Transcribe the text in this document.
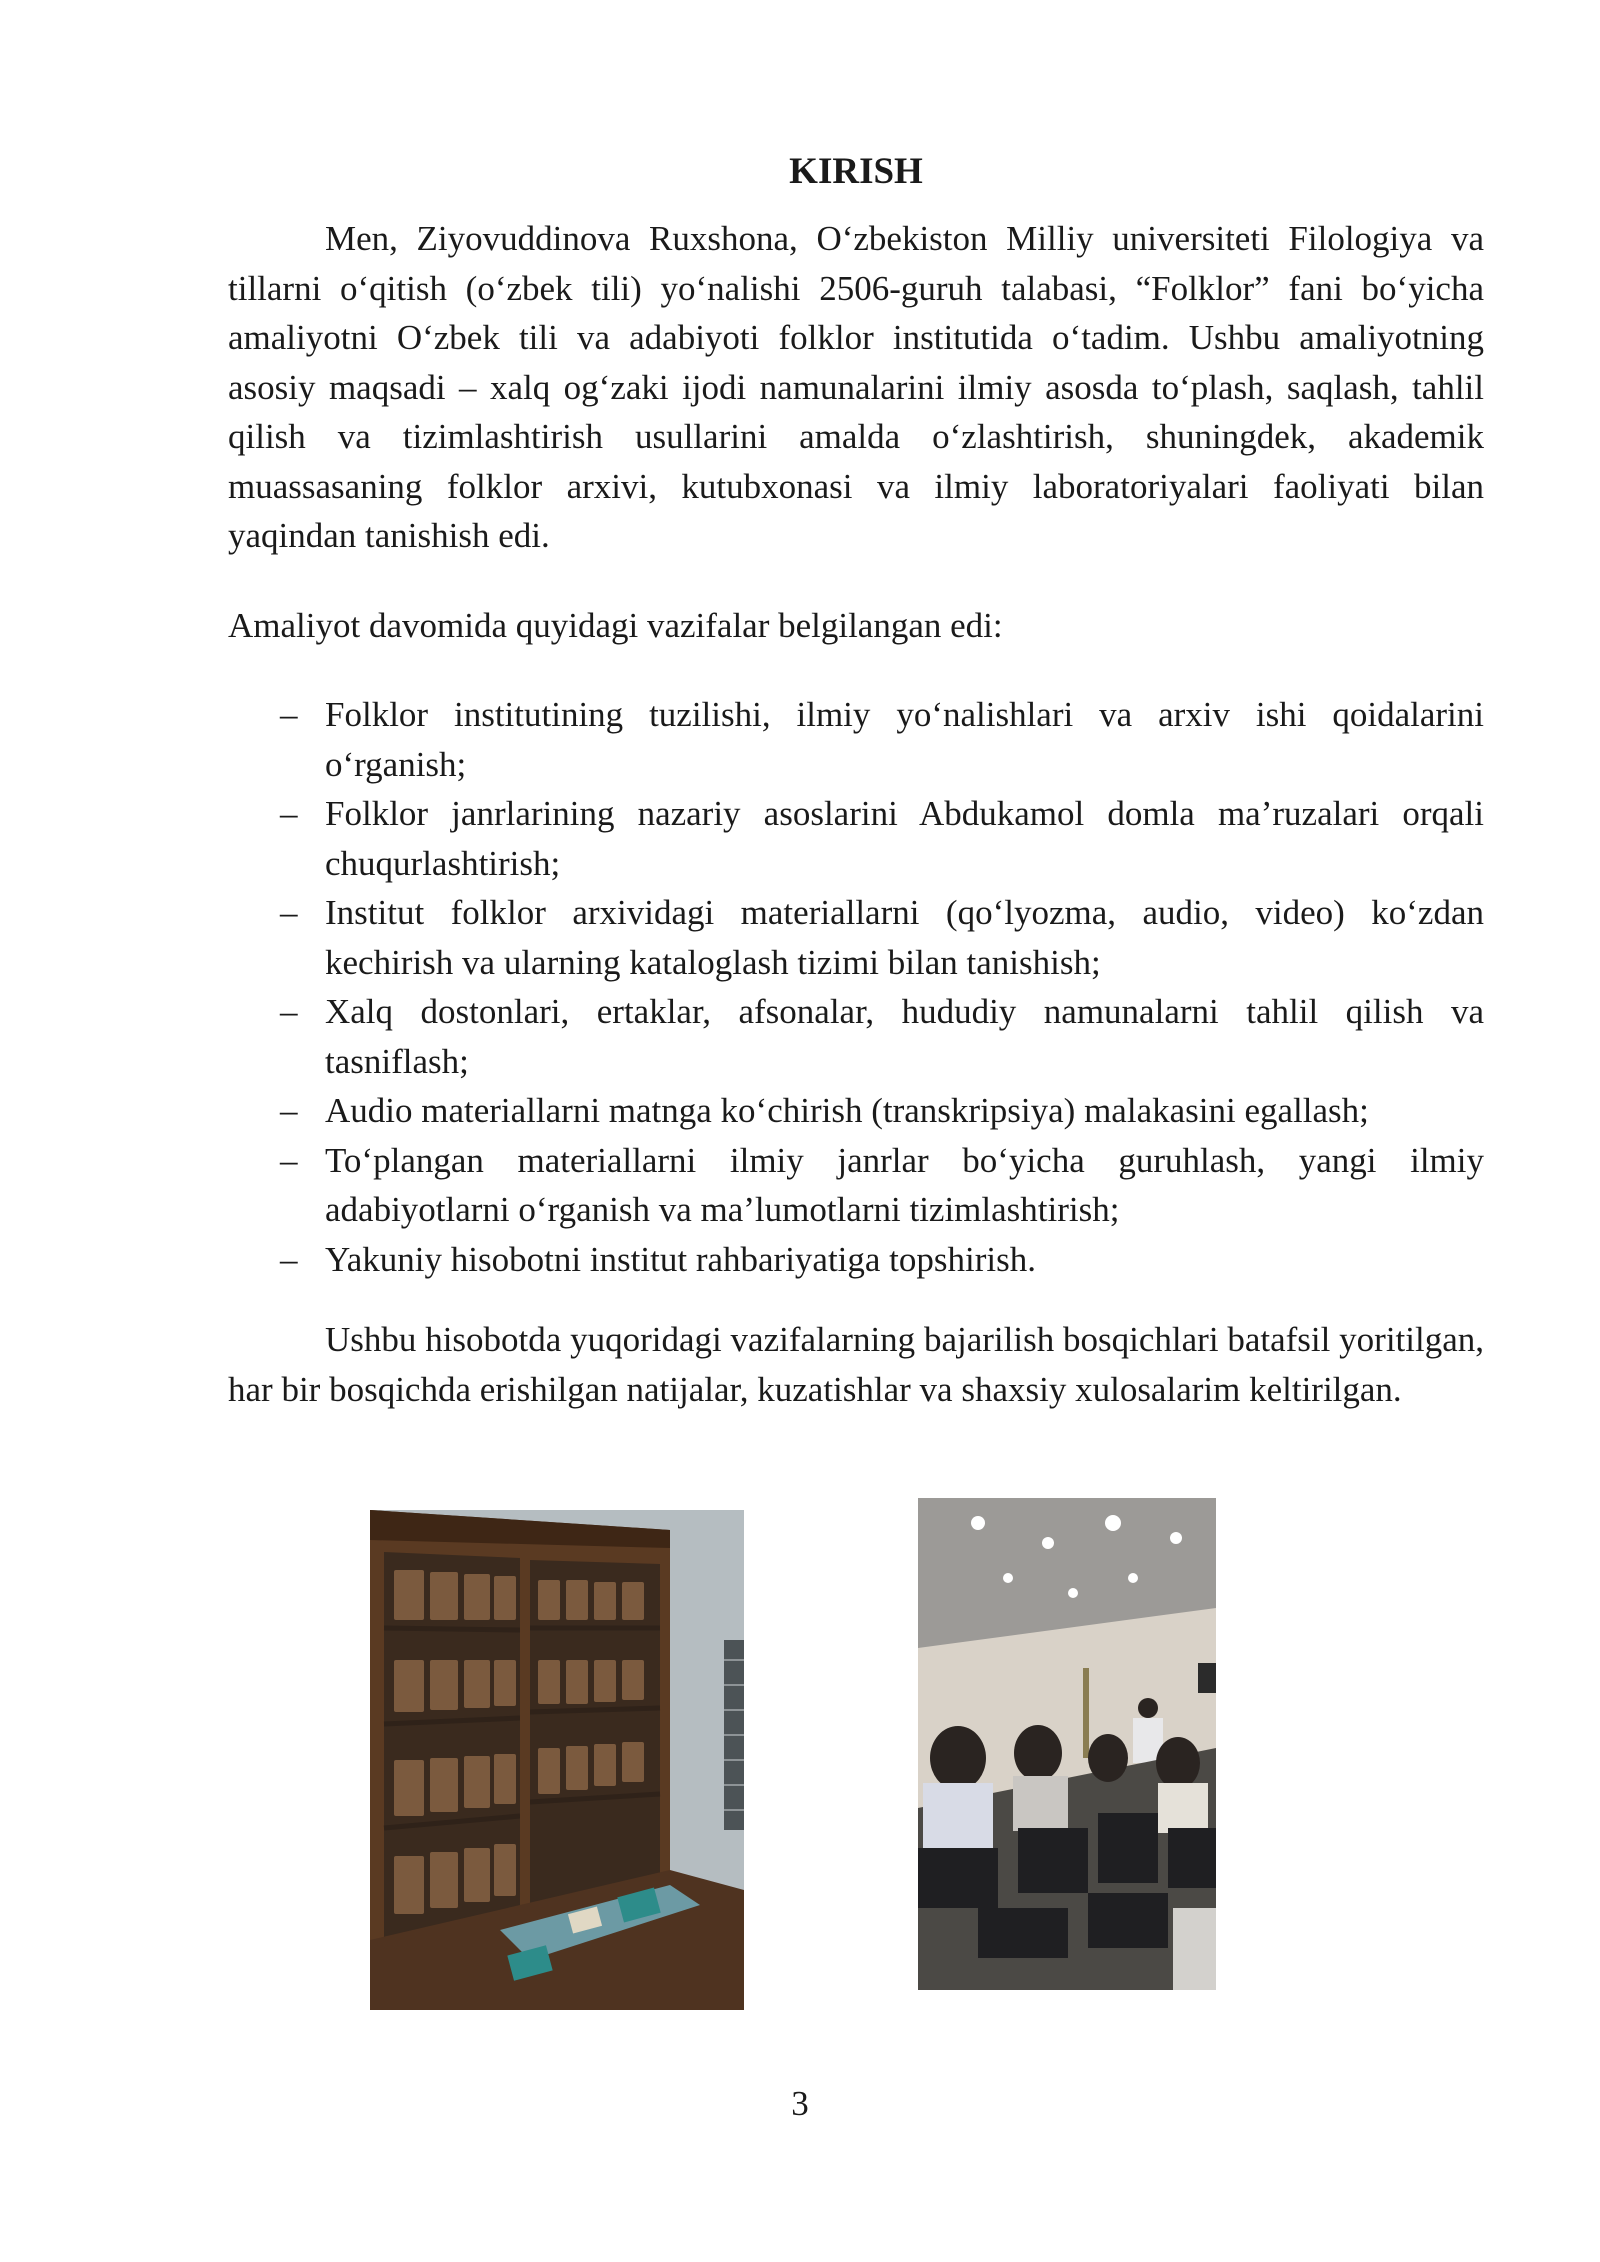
KIRISH

Men, Ziyovuddinova Ruxshona, O‘zbekiston Milliy universiteti Filologiya va tillarni o‘qitish (o‘zbek tili) yo‘nalishi 2506-guruh talabasi, “Folklor” fani bo‘yicha amaliyotni O‘zbek tili va adabiyoti folklor institutida o‘tadim. Ushbu amaliyotning asosiy maqsadi – xalq og‘zaki ijodi namunalarini ilmiy asosda to‘plash, saqlash, tahlil qilish va tizimlashtirish usullarini amalda o‘zlashtirish, shuningdek, akademik muassasaning folklor arxivi, kutubxonasi va ilmiy laboratoriyalari faoliyati bilan yaqindan tanishish edi.

Amaliyot davomida quyidagi vazifalar belgilangan edi:

– Folklor institutining tuzilishi, ilmiy yo‘nalishlari va arxiv ishi qoidalarini o‘rganish;
– Folklor janrlarining nazariy asoslarini Abdukamol domla ma’ruzalari orqali chuqurlashtirish;
– Institut folklor arxividagi materiallarni (qo‘lyozma, audio, video) ko‘zdan kechirish va ularning kataloglash tizimi bilan tanishish;
– Xalq dostonlari, ertaklar, afsonalar, hududiy namunalarni tahlil qilish va tasniflash;
– Audio materiallarni matnga ko‘chirish (transkripsiya) malakasini egallash;
– To‘plangan materiallarni ilmiy janrlar bo‘yicha guruhlash, yangi ilmiy adabiyotlarni o‘rganish va ma’lumotlarni tizimlashtirish;
– Yakuniy hisobotni institut rahbariyatiga topshirish.

Ushbu hisobotda yuqoridagi vazifalarning bajarilish bosqichlari batafsil yoritilgan, har bir bosqichda erishilgan natijalar, kuzatishlar va shaxsiy xulosalarim keltirilgan.

3
